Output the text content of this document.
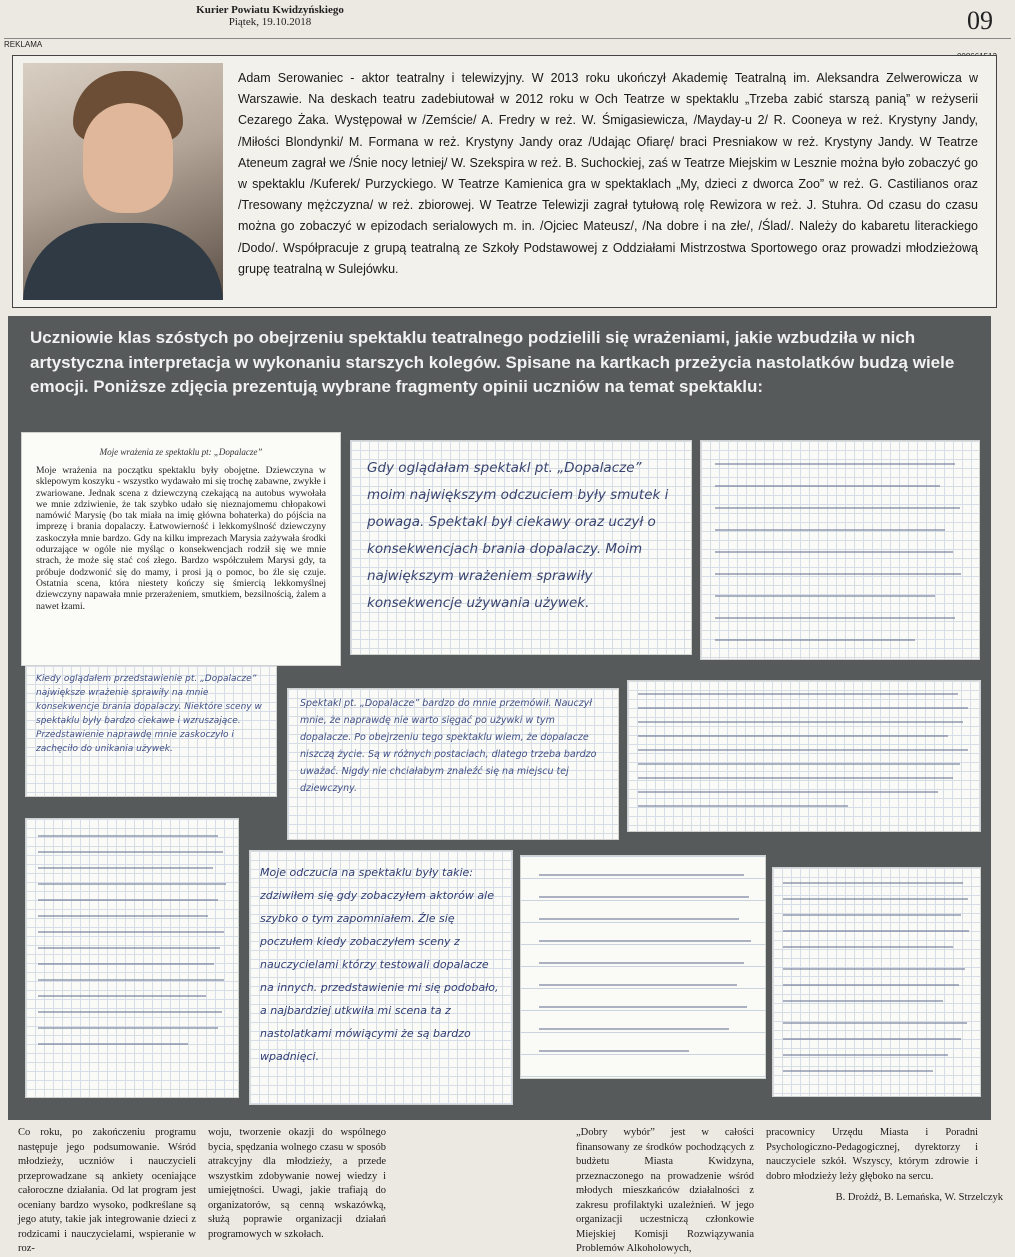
Kurier Powiatu Kwidzyńskiego
Piątek, 19.10.2018	09
REKLAMA
Adam Serowaniec - aktor teatralny i telewizyjny. W 2013 roku ukończył Akademię Teatralną im. Aleksandra Zelwerowicza w Warszawie. Na deskach teatru zadebiutował w 2012 roku w Och Teatrze w spektaklu „Trzeba zabić starszą panią” w reżyserii Cezarego Żaka. Występował w /Zemście/ A. Fredry w reż. W. Śmigasiewicza, /Mayday-u 2/ R. Cooneya w reż. Krystyny Jandy, /Miłości Blondynki/ M. Formana w reż. Krystyny Jandy oraz /Udając Ofiarę/ braci Presniakow w reż. Krystyny Jandy. W Teatrze Ateneum zagrał we /Śnie nocy letniej/ W. Szekspira w reż. B. Suchockiej, zaś w Teatrze Miejskim w Lesznie można było zobaczyć go w spektaklu /Kuferek/ Purzyckiego. W Teatrze Kamienica gra w spektaklach „My, dzieci z dworca Zoo” w reż. G. Castilianos oraz /Tresowany mężczyzna/ w reż. zbiorowej. W Teatrze Telewizji zagrał tytułową rolę Rewizora w reż. J. Stuhra. Od czasu do czasu można go zobaczyć w epizodach serialowych m. in. /Ojciec Mateusz/, /Na dobre i na złe/, /Ślad/. Należy do kabaretu literackiego /Dodo/. Współpracuje z grupą teatralną ze Szkoły Podstawowej z Oddziałami Mistrzostwa Sportowego oraz prowadzi młodzieżową grupę teatralną w Sulejówku.
Uczniowie klas szóstych po obejrzeniu spektaklu teatralnego podzielili się wrażeniami, jakie wzbudziła w nich artystyczna interpretacja w wykonaniu starszych kolegów. Spisane na kartkach przeżycia nastolatków budzą wiele emocji. Poniższe zdjęcia prezentują wybrane fragmenty opinii uczniów na temat spektaklu:
Moje wrażenia ze spektaklu pt: „Dopalacze”
Moje wrażenia na początku spektaklu były obojętne. Dziewczyna w sklepowym koszyku - wszystko wydawało mi się trochę zabawne, zwykłe i zwariowane. Jednak scena z dziewczyną czekającą na autobus wywołała we mnie zdziwienie, że tak szybko udało się nieznajomemu chłopakowi namówić Marysię (bo tak miała na imię główna bohaterka) do pójścia na imprezę i brania dopalaczy. Łatwowierność i lekkomyślność dziewczyny zaskoczyła mnie bardzo. Gdy na kilku imprezach Marysia zażywała środki odurzające w ogóle nie myśląc o konsekwencjach rodził się we mnie strach, że może się stać coś złego. Bardzo współczułem Marysi gdy, ta próbuje dodzwonić się do mamy, i prosi ją o pomoc, bo źle się czuje. Ostatnia scena, która niestety kończy się śmiercią lekkomyślnej dziewczyny napawała mnie przerażeniem, smutkiem, bezsilnością, żalem a nawet łzami.
Gdy oglądałam spektakl pt. „Dopalacze” moim największym odczuciem były smutek i powaga. Spektakl był ciekawy oraz uczył o konsekwencjach brania dopalaczy. Moim największym wrażeniem sprawiły konsekwencje używania używek.
Kiedy oglądałem przedstawienie pt. „Dopalacze” największe wrażenie sprawiły na mnie konsekwencje brania dopalaczy. Niektóre sceny w spektaklu były bardzo ciekawe i wzruszające. Przedstawienie naprawdę mnie zaskoczyło i zachęciło do unikania używek.
Spektakl pt. „Dopalacze” bardzo do mnie przemówił. Nauczył mnie, że naprawdę nie warto sięgać po używki w tym dopalacze. Po obejrzeniu tego spektaklu wiem, że dopalacze niszczą życie. Są w różnych postaciach, dlatego trzeba bardzo uważać. Nigdy nie chciałabym znaleźć się na miejscu tej dziewczyny.
Moje odczucia na spektaklu były takie: zdziwiłem się gdy zobaczyłem aktorów ale szybko o tym zapomniałem. Źle się poczułem kiedy zobaczyłem sceny z nauczycielami którzy testowali dopalacze na innych. przedstawienie mi się podobało, a najbardziej utkwiła mi scena ta z nastolatkami mówiącymi że są bardzo wpadnięci.

Co roku, po zakończeniu programu następuje jego podsumowanie. Wśród młodzieży, uczniów i nauczycieli przeprowadzane są ankiety oceniające całoroczne działania. Od lat program jest oceniany bardzo wysoko, podkreślane są jego atuty, takie jak integrowanie dzieci z rodzicami i nauczycielami, wspieranie w roz-

woju, tworzenie okazji do wspólnego bycia, spędzania wolnego czasu w sposób atrakcyjny dla młodzieży, a przede wszystkim zdobywanie nowej wiedzy i umiejętności. Uwagi, jakie trafiają do organizatorów, są cenną wskazówką, służą poprawie organizacji działań programowych w szkołach.

„Dobry wybór” jest w całości finansowany ze środków pochodzących z budżetu Miasta Kwidzyna, przeznaczonego na prowadzenie wśród młodych mieszkańców działalności z zakresu profilaktyki uzależnień. W jego organizacji uczestniczą członkowie Miejskiej Komisji Rozwiązywania Problemów Alkoholowych,

pracownicy Urzędu Miasta i Poradni Psychologiczno-Pedagogicznej, dyrektorzy i nauczyciele szkół. Wszyscy, którym zdrowie i dobro młodzieży leży głęboko na sercu.

B. Drożdż, B. Lemańska, W. Strzelczyk
